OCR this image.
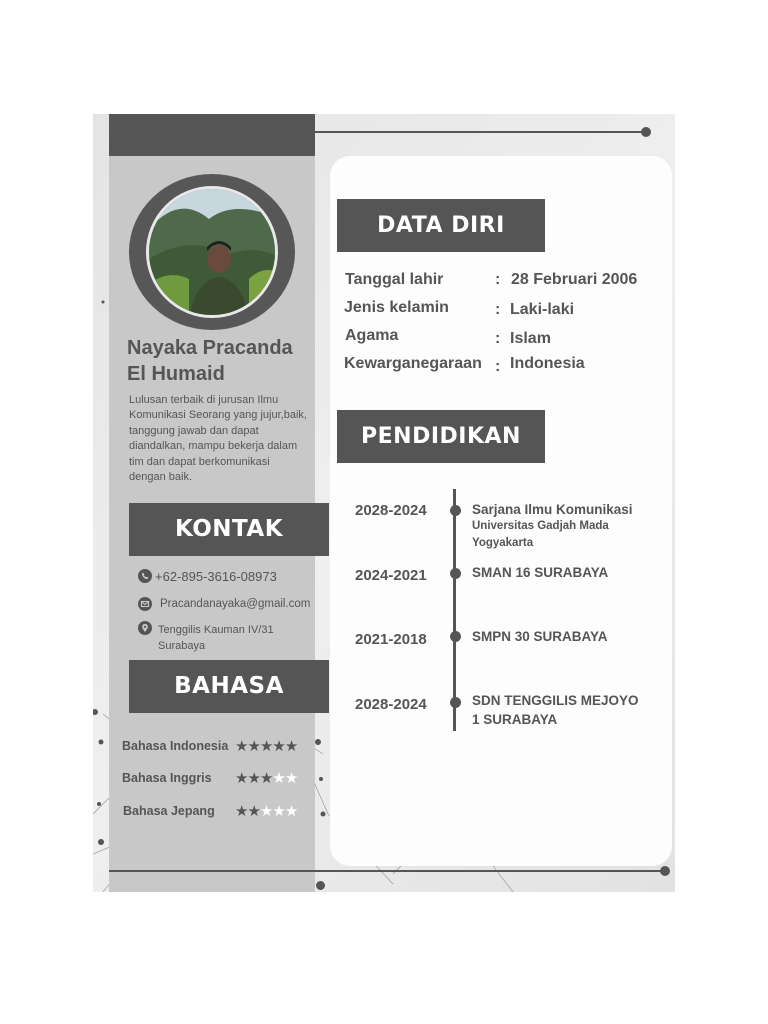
Nayaka Pracanda
El Humaid
Lulusan terbaik di jurusan Ilmu Komunikasi Seorang yang jujur,baik, tanggung jawab dan dapat diandalkan, mampu bekerja dalam tim dan dapat berkomunikasi dengan baik.
KONTAK
+62-895-3616-08973
Pracandanayaka@gmail.com
Tenggilis Kauman IV/31
Surabaya
BAHASA
Bahasa Indonesia ★★★★★
Bahasa Inggris ★★★★★
Bahasa Jepang ★★★★★
DATA DIRI
Tanggal lahir	: 28 Februari 2006
Jenis kelamin	: Laki-laki
Agama	: Islam
Kewarganegaraan : Indonesia
PENDIDIKAN
2028-2024	Sarjana Ilmu Komunikasi
Universitas Gadjah Mada
Yogyakarta
2024-2021	SMAN 16 SURABAYA
2021-2018	SMPN 30 SURABAYA
2028-2024	SDN TENGGILIS MEJOYO
1 SURABAYA
